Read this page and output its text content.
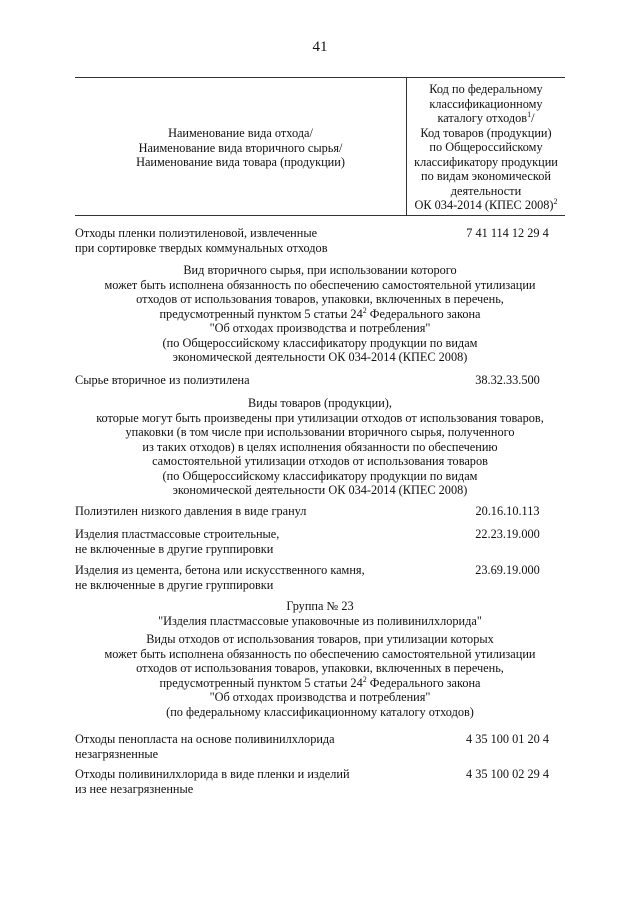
41
Наименование вида отхода/
Наименование вида вторичного сырья/
Наименование вида товара (продукции)
Код по федеральному
классификационному
каталогу отходов$^1$/
Код товаров (продукции)
по Общероссийскому
классификатору продукции
по видам экономической
деятельности
ОК 034-2014 (КПЕС 2008)$^2$
Отходы пленки полиэтиленовой, извлеченные
при сортировке твердых коммунальных отходов
7 41 114 12 29 4
Вид вторичного сырья, при использовании которого
может быть исполнена обязанность по обеспечению самостоятельной утилизации
отходов от использования товаров, упаковки, включенных в перечень,
предусмотренный пунктом 5 статьи $24^2$ Федерального закона
"Об отходах производства и потребления"
(по Общероссийскому классификатору продукции по видам
экономической деятельности ОК 034-2014 (КПЕС 2008)
Сырье вторичное из полиэтилена	38.32.33.500
Виды товаров (продукции),
которые могут быть произведены при утилизации отходов от использования товаров,
упаковки (в том числе при использовании вторичного сырья, полученного
из таких отходов) в целях исполнения обязанности по обеспечению
самостоятельной утилизации отходов от использования товаров
(по Общероссийскому классификатору продукции по видам
экономической деятельности ОК 034-2014 (КПЕС 2008)
Полиэтилен низкого давления в виде гранул	20.16.10.113
Изделия пластмассовые строительные,
не включенные в другие группировки
22.23.19.000
Изделия из цемента, бетона или искусственного камня,
не включенные в другие группировки
23.69.19.000
Группа № 23
"Изделия пластмассовые упаковочные из поливинилхлорида"
Виды отходов от использования товаров, при утилизации которых
может быть исполнена обязанность по обеспечению самостоятельной утилизации
отходов от использования товаров, упаковки, включенных в перечень,
предусмотренный пунктом 5 статьи $24^2$ Федерального закона
"Об отходах производства и потребления"
(по федеральному классификационному каталогу отходов)
Отходы пенопласта на основе поливинилхлорида
незагрязненные
4 35 100 01 20 4
Отходы поливинилхлорида в виде пленки и изделий
из нее незагрязненные
4 35 100 02 29 4
